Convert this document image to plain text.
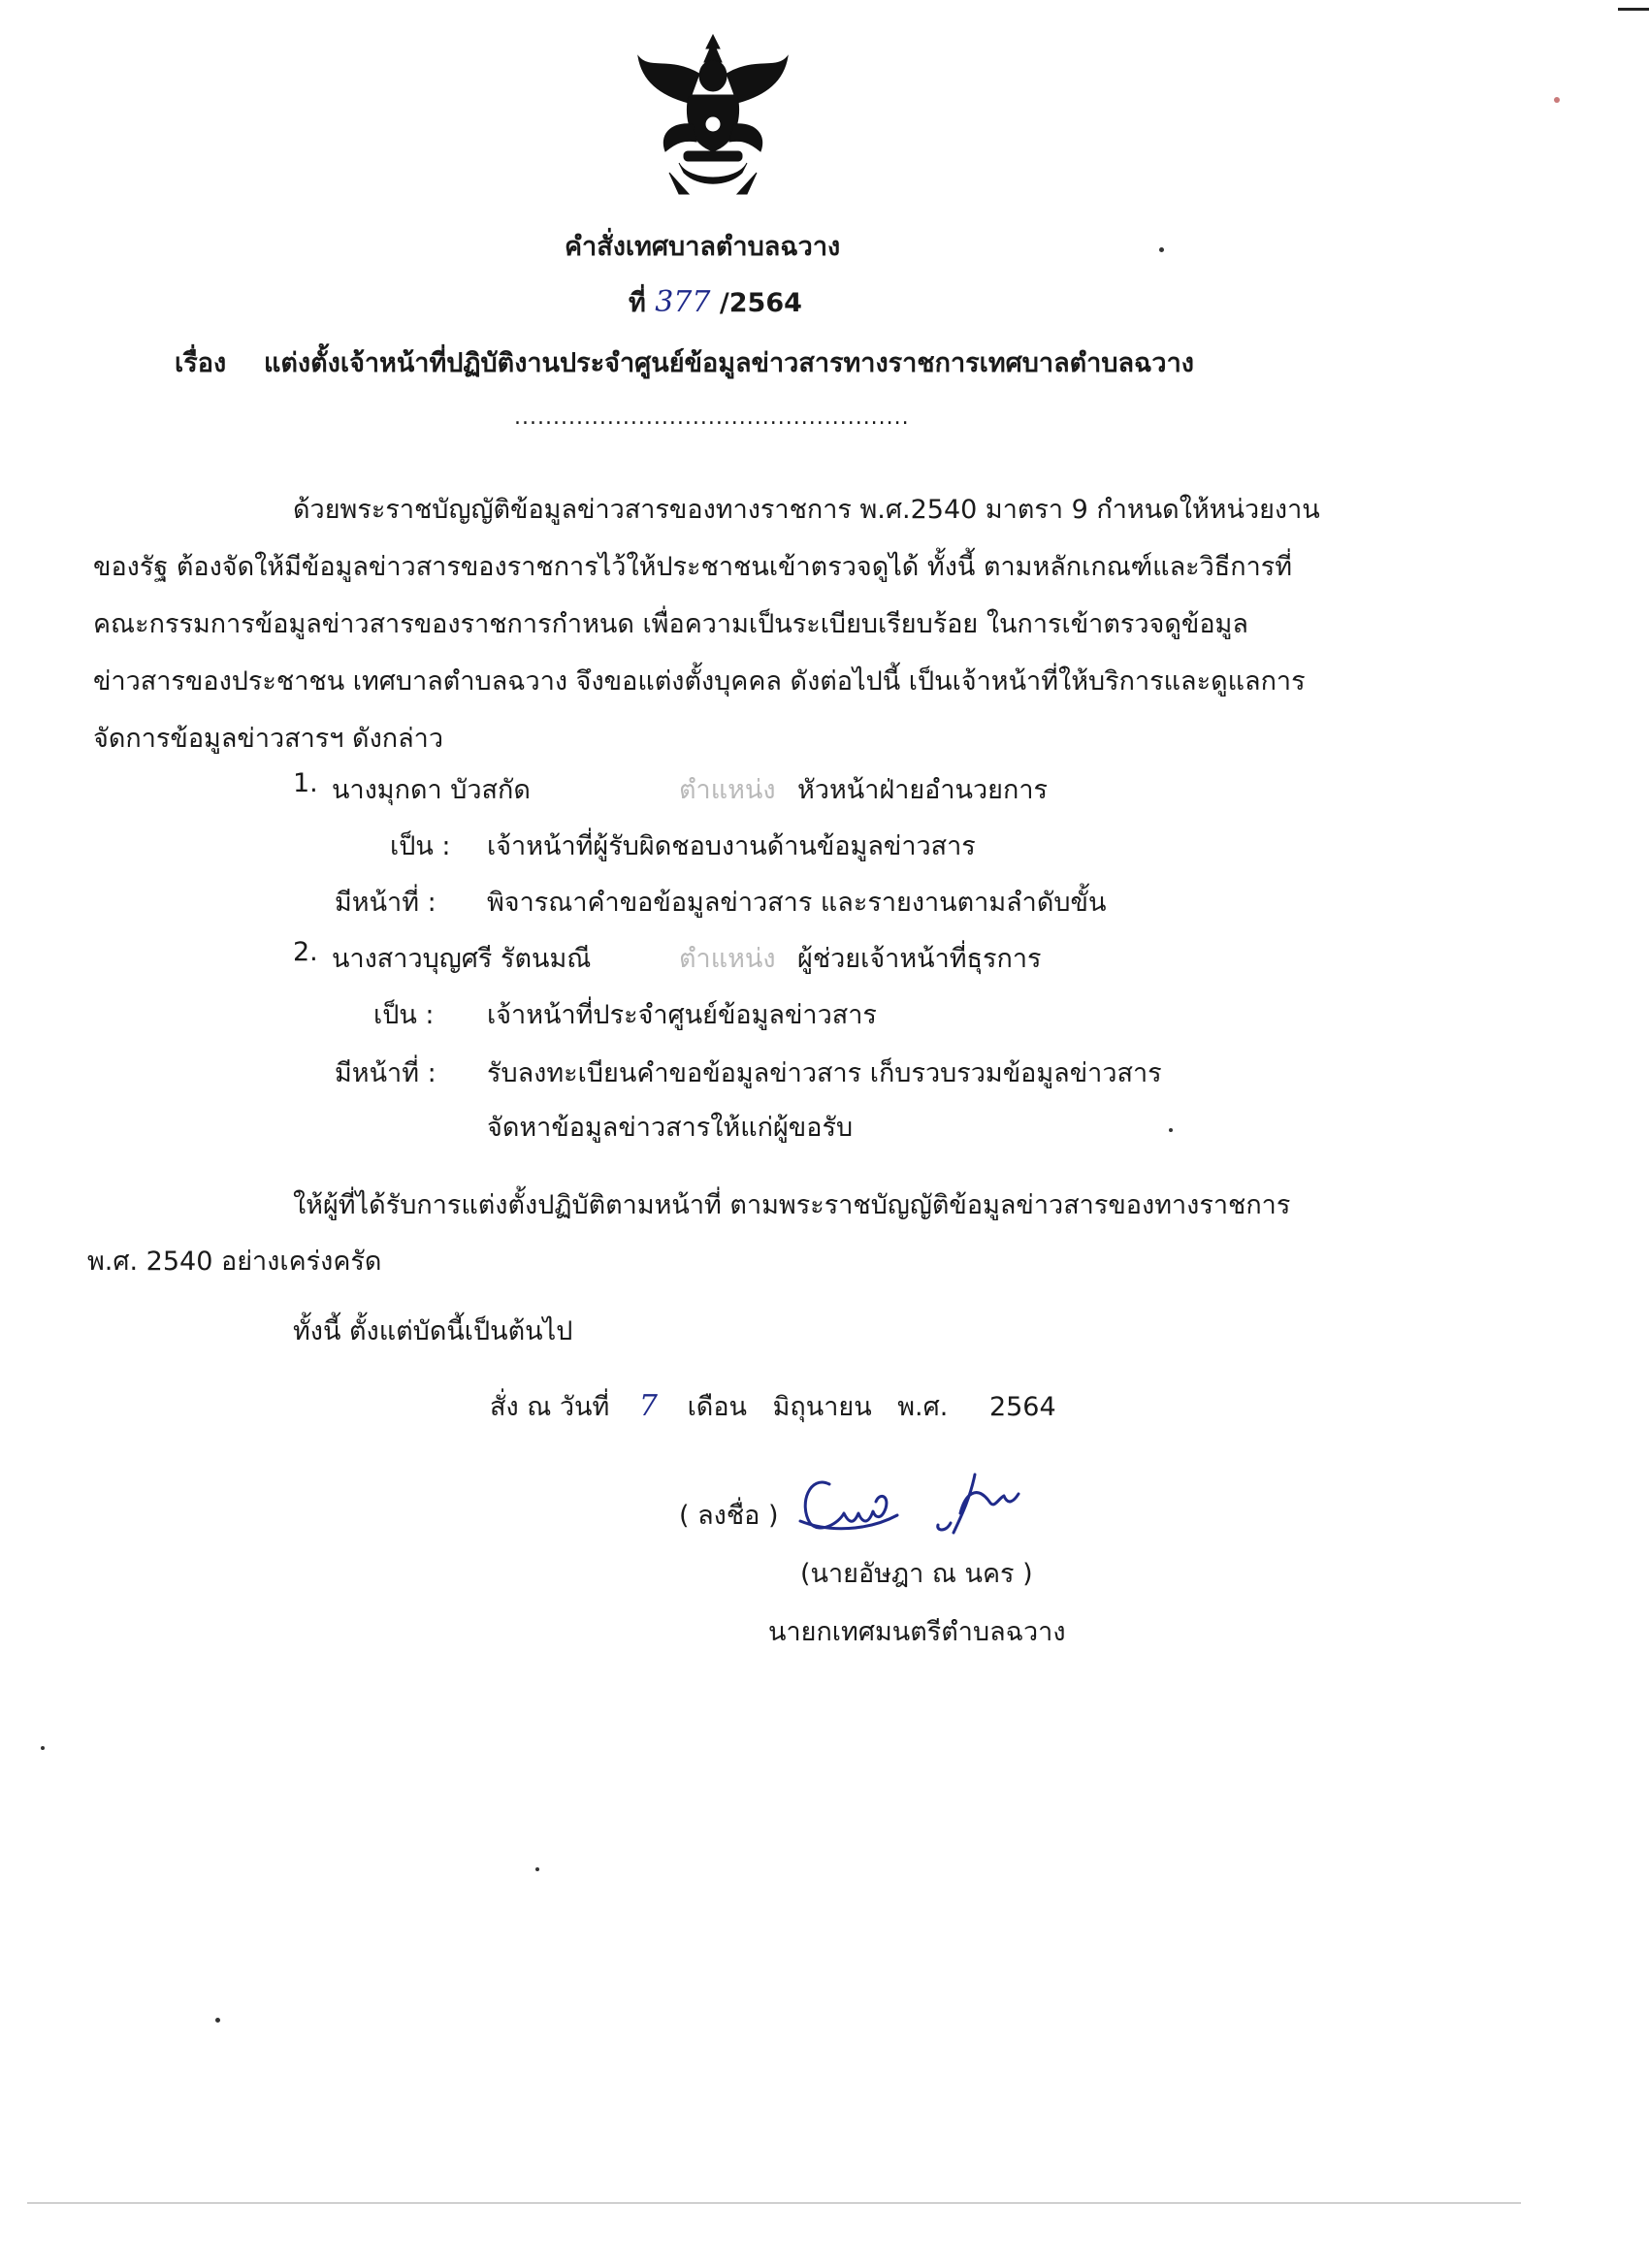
คำสั่งเทศบาลตำบลฉวาง
ที่ 377 /2564
เรื่อง แต่งตั้งเจ้าหน้าที่ปฏิบัติงานประจำศูนย์ข้อมูลข่าวสารทางราชการเทศบาลตำบลฉวาง
...................................................
ด้วยพระราชบัญญัติข้อมูลข่าวสารของทางราชการ พ.ศ.2540 มาตรา 9 กำหนดให้หน่วยงาน
ของรัฐ ต้องจัดให้มีข้อมูลข่าวสารของราชการไว้ให้ประชาชนเข้าตรวจดูได้ ทั้งนี้ ตามหลักเกณฑ์และวิธีการที่
คณะกรรมการข้อมูลข่าวสารของราชการกำหนด เพื่อความเป็นระเบียบเรียบร้อย ในการเข้าตรวจดูข้อมูล
ข่าวสารของประชาชน เทศบาลตำบลฉวาง จึงขอแต่งตั้งบุคคล ดังต่อไปนี้ เป็นเจ้าหน้าที่ให้บริการและดูแลการ
จัดการข้อมูลข่าวสารฯ ดังกล่าว
1. นางมุกดา บัวสกัด	ตำแหน่ง หัวหน้าฝ่ายอำนวยการ
เป็น : เจ้าหน้าที่ผู้รับผิดชอบงานด้านข้อมูลข่าวสาร
มีหน้าที่ : พิจารณาคำขอข้อมูลข่าวสาร และรายงานตามลำดับขั้น
2. นางสาวบุญศรี รัตนมณี	ตำแหน่ง ผู้ช่วยเจ้าหน้าที่ธุรการ
เป็น : เจ้าหน้าที่ประจำศูนย์ข้อมูลข่าวสาร
มีหน้าที่ : รับลงทะเบียนคำขอข้อมูลข่าวสาร เก็บรวบรวมข้อมูลข่าวสาร
จัดหาข้อมูลข่าวสารให้แก่ผู้ขอรับ
ให้ผู้ที่ได้รับการแต่งตั้งปฏิบัติตามหน้าที่ ตามพระราชบัญญัติข้อมูลข่าวสารของทางราชการ
พ.ศ. 2540 อย่างเคร่งครัด
ทั้งนี้ ตั้งแต่บัดนี้เป็นต้นไป
สั่ง ณ วันที่ 7 เดือน มิถุนายน พ.ศ. 2564
( ลงชื่อ )
(นายอัษฎา ณ นคร )
นายกเทศมนตรีตำบลฉวาง
